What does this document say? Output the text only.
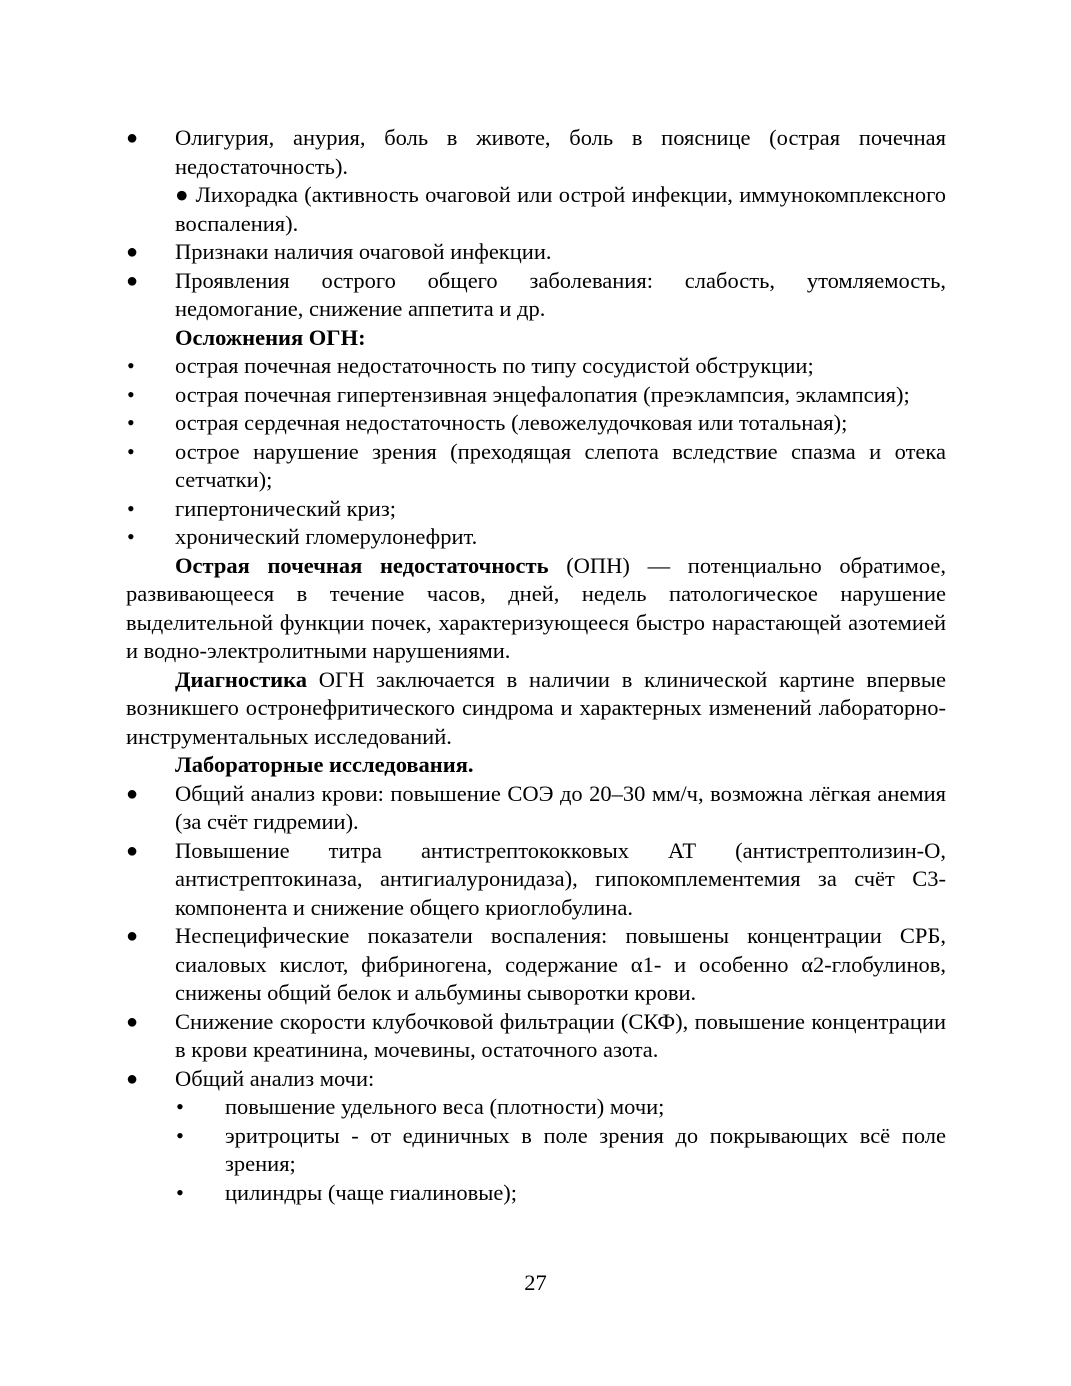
● Олигурия, анурия, боль в животе, боль в пояснице (острая почечная недостаточность).
● Лихорадка (активность очаговой или острой инфекции, иммунокомплексного воспаления).
● Признаки наличия очаговой инфекции.
● Проявления острого общего заболевания: слабость, утомляемость, недомогание, снижение аппетита и др.
Осложнения ОГН:
• острая почечная недостаточность по типу сосудистой обструкции;
• острая почечная гипертензивная энцефалопатия (преэклампсия, эклампсия);
• острая сердечная недостаточность (левожелудочковая или тотальная);
• острое нарушение зрения (преходящая слепота вследствие спазма и отека сетчатки);
• гипертонический криз;
• хронический гломерулонефрит.
Острая почечная недостаточность (ОПН) — потенциально обратимое, развивающееся в течение часов, дней, недель патологическое нарушение выделительной функции почек, характеризующееся быстро нарастающей азотемией и водно-электролитными нарушениями.
Диагностика ОГН заключается в наличии в клинической картине впервые возникшего остронефритического синдрома и характерных изменений лабораторно-инструментальных исследований.
Лабораторные исследования.
● Общий анализ крови: повышение СОЭ до 20–30 мм/ч, возможна лёгкая анемия (за счёт гидремии).
● Повышение титра антистрептококковых АТ (антистрептолизин-О, антистрептокиназа, антигиалуронидаза), гипокомплементемия за счёт С3-компонента и снижение общего криоглобулина.
● Неспецифические показатели воспаления: повышены концентрации СРБ, сиаловых кислот, фибриногена, содержание α1- и особенно α2-глобулинов, снижены общий белок и альбумины сыворотки крови.
● Снижение скорости клубочковой фильтрации (СКФ), повышение концентрации в крови креатинина, мочевины, остаточного азота.
● Общий анализ мочи:
• повышение удельного веса (плотности) мочи;
• эритроциты - от единичных в поле зрения до покрывающих всё поле зрения;
• цилиндры (чаще гиалиновые);
27
